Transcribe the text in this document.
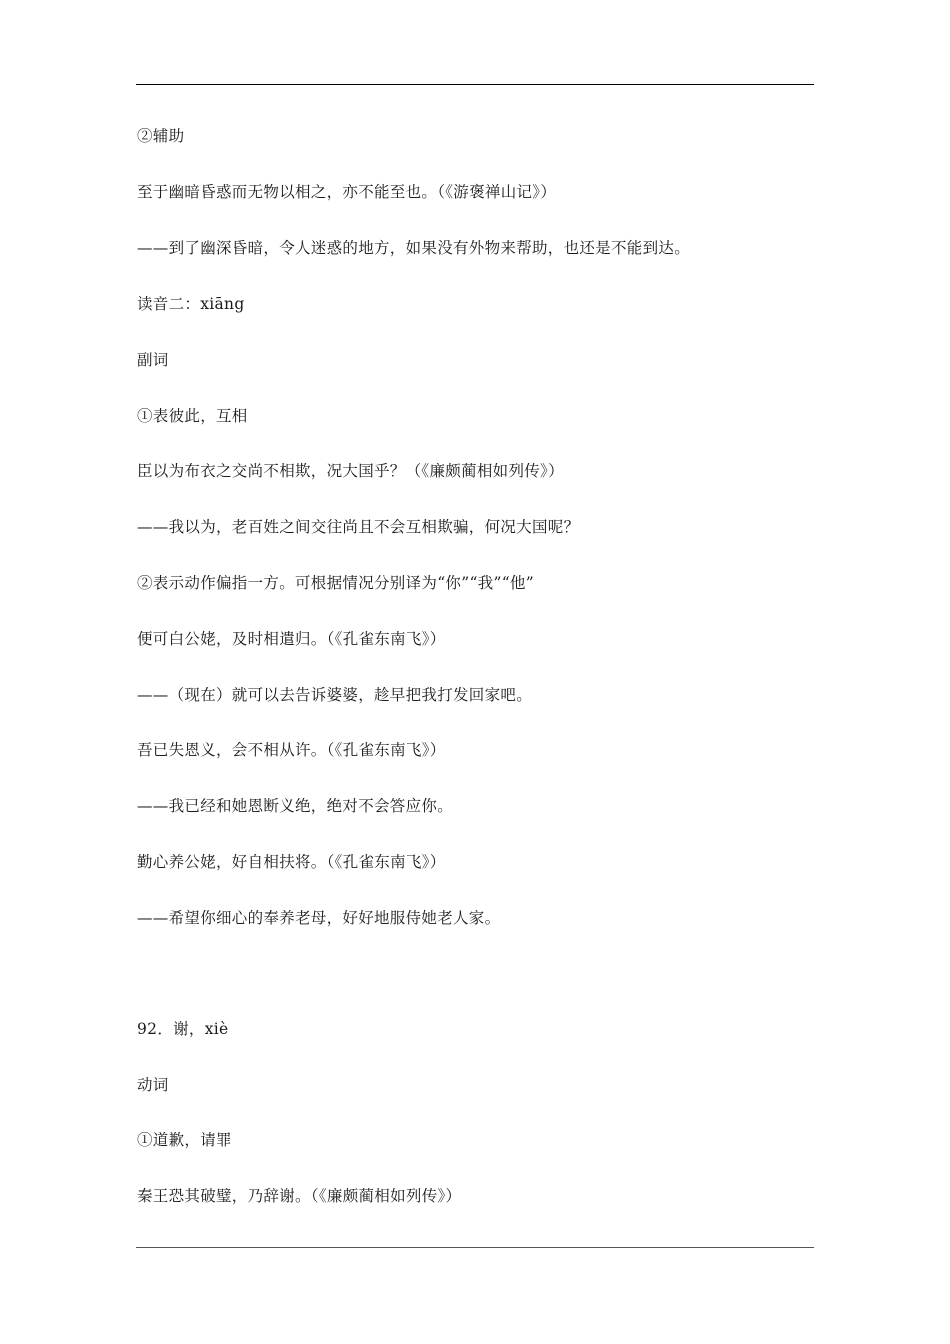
②辅助
至于幽暗昏惑而无物以相之，亦不能至也。（《游褒禅山记》）
——到了幽深昏暗，令人迷惑的地方，如果没有外物来帮助，也还是不能到达。
读音二：xiāng
副词
①表彼此，互相
臣以为布衣之交尚不相欺，况大国乎？（《廉颇蔺相如列传》）
——我以为，老百姓之间交往尚且不会互相欺骗，何况大国呢？
②表示动作偏指一方。可根据情况分别译为“你”“我”“他”
便可白公姥，及时相遣归。（《孔雀东南飞》）
——（现在）就可以去告诉婆婆，趁早把我打发回家吧。
吾已失恩义，会不相从许。（《孔雀东南飞》）
——我已经和她恩断义绝，绝对不会答应你。
勤心养公姥，好自相扶将。（《孔雀东南飞》）
——希望你细心的奉养老母，好好地服侍她老人家。
92．谢，xiè
动词
①道歉，请罪
秦王恐其破璧，乃辞谢。（《廉颇蔺相如列传》）
